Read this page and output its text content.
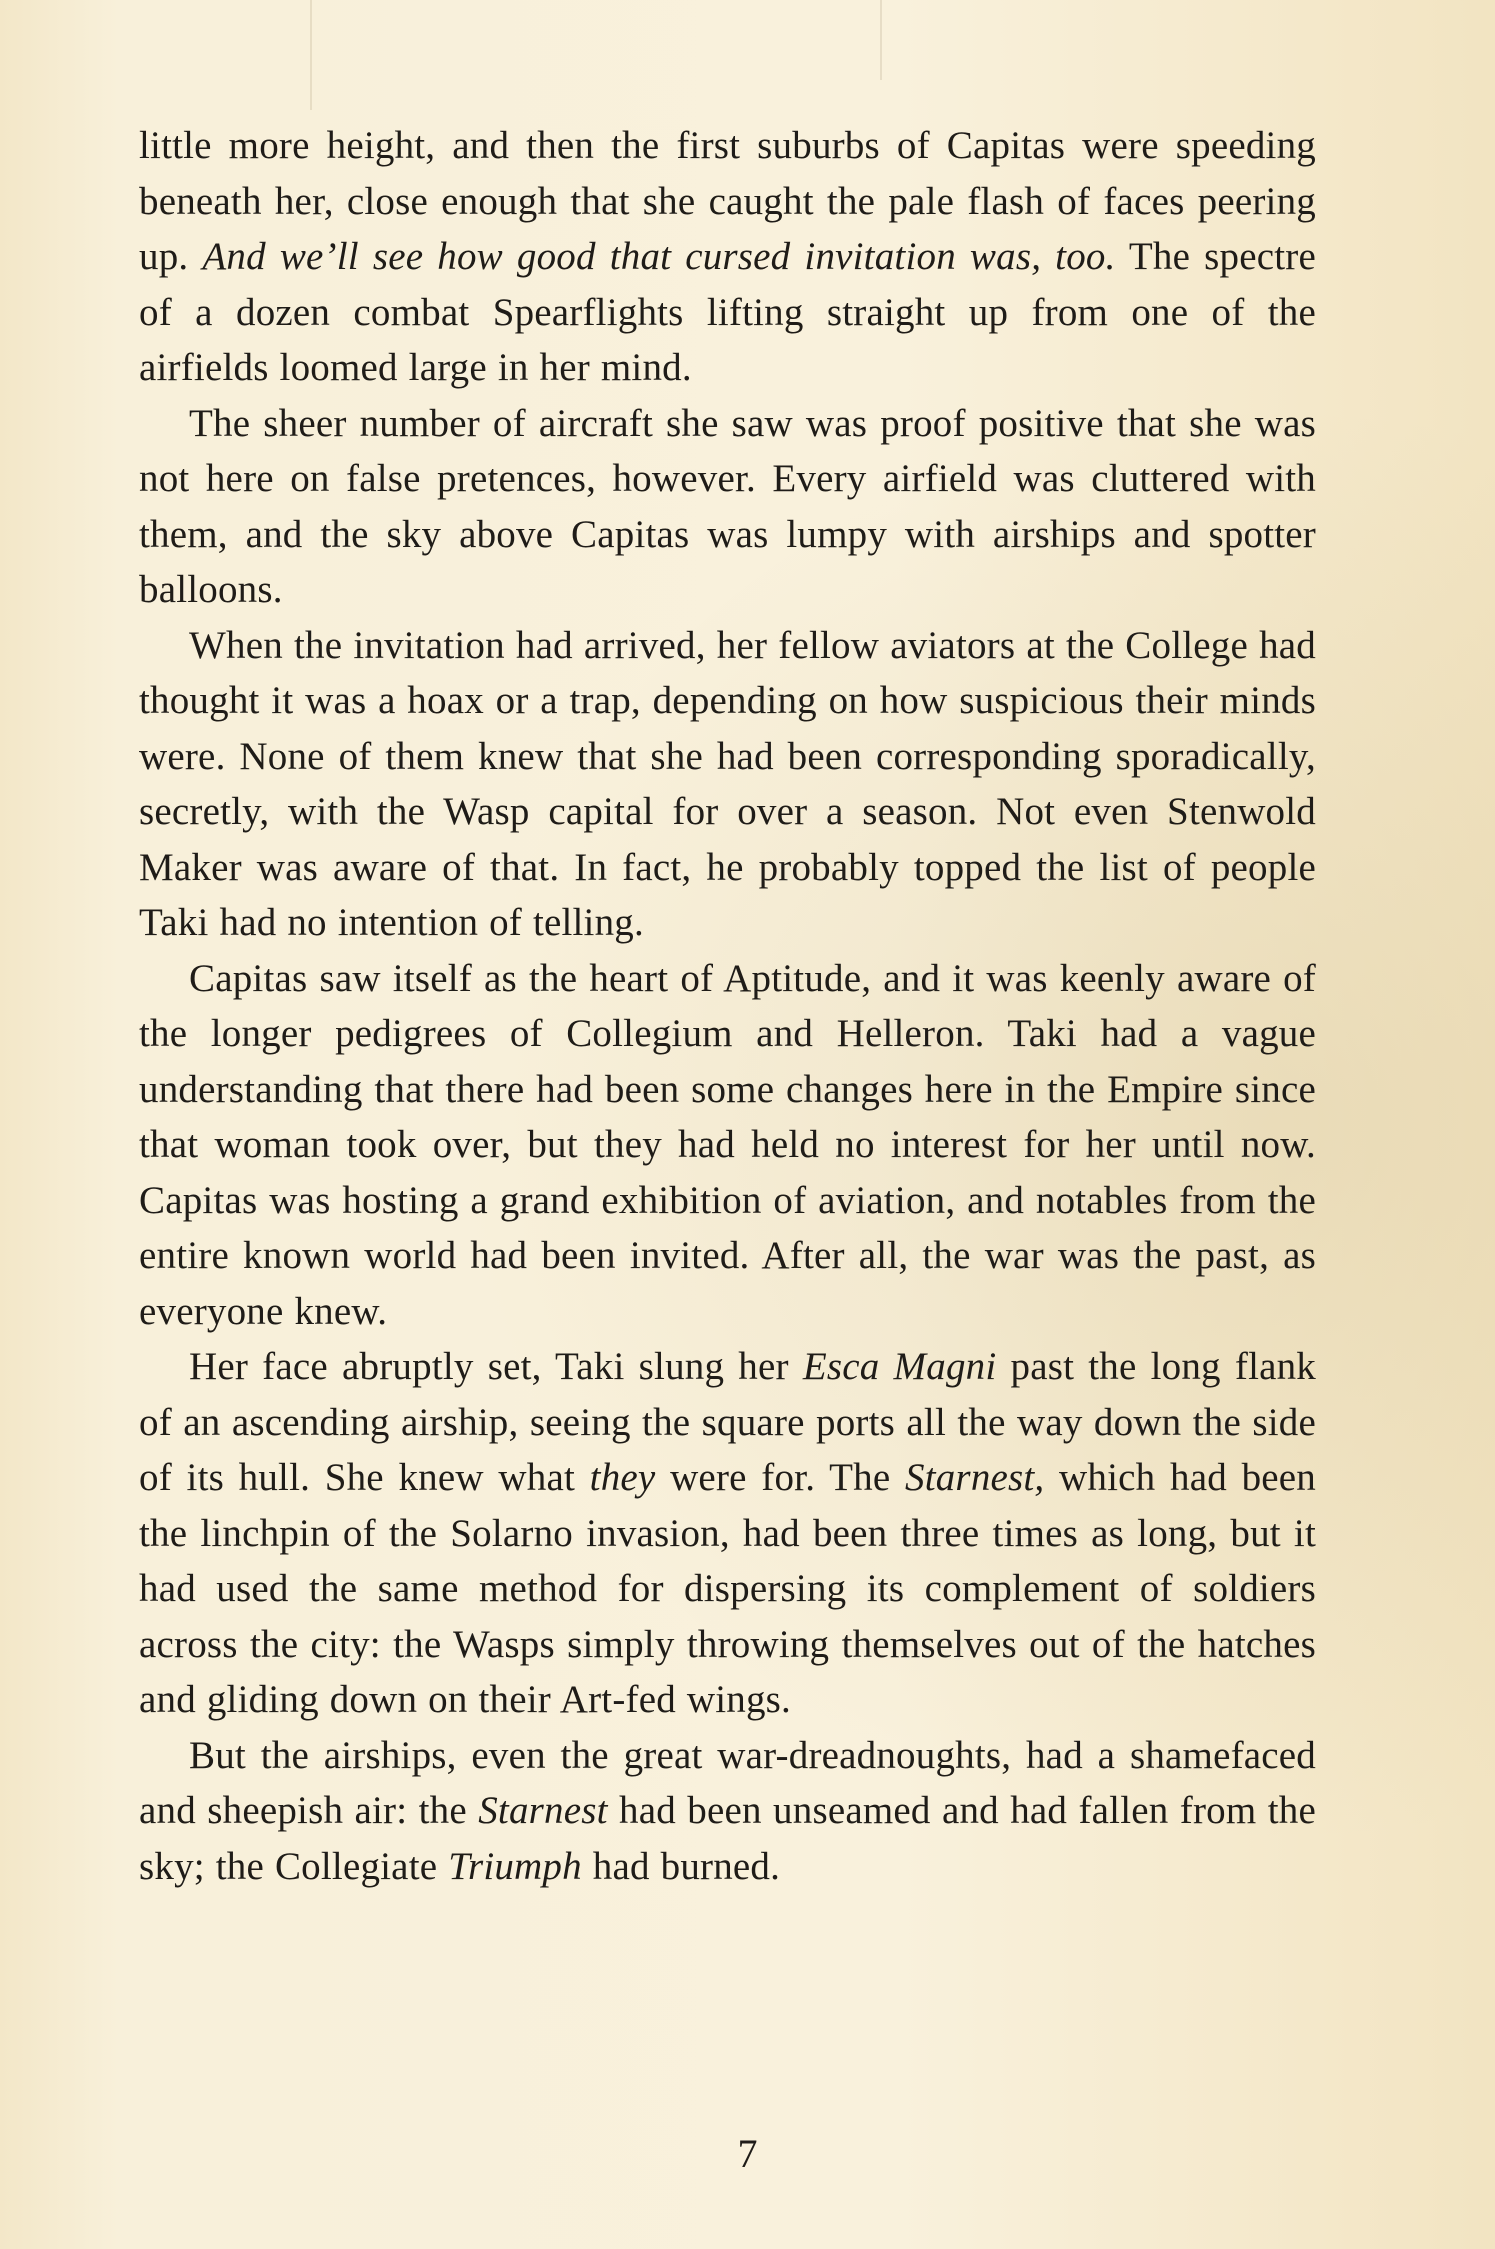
little more height, and then the first suburbs of Capitas were speeding beneath her, close enough that she caught the pale flash of faces peering up. And we’ll see how good that cursed invitation was, too. The spectre of a dozen combat Spearflights lifting straight up from one of the airfields loomed large in her mind.

The sheer number of aircraft she saw was proof positive that she was not here on false pretences, however. Every airfield was cluttered with them, and the sky above Capitas was lumpy with airships and spotter balloons.

When the invitation had arrived, her fellow aviators at the College had thought it was a hoax or a trap, depending on how suspicious their minds were. None of them knew that she had been corresponding sporadically, secretly, with the Wasp capital for over a season. Not even Stenwold Maker was aware of that. In fact, he probably topped the list of people Taki had no intention of telling.

Capitas saw itself as the heart of Aptitude, and it was keenly aware of the longer pedigrees of Collegium and Helleron. Taki had a vague understanding that there had been some changes here in the Empire since that woman took over, but they had held no interest for her until now. Capitas was hosting a grand exhibition of aviation, and notables from the entire known world had been invited. After all, the war was the past, as everyone knew.

Her face abruptly set, Taki slung her Esca Magni past the long flank of an ascending airship, seeing the square ports all the way down the side of its hull. She knew what they were for. The Starnest, which had been the linchpin of the Solarno invasion, had been three times as long, but it had used the same method for dispersing its complement of soldiers across the city: the Wasps simply throwing themselves out of the hatches and gliding down on their Art-fed wings.

But the airships, even the great war-dreadnoughts, had a shamefaced and sheepish air: the Starnest had been unseamed and had fallen from the sky; the Collegiate Triumph had burned.

7
